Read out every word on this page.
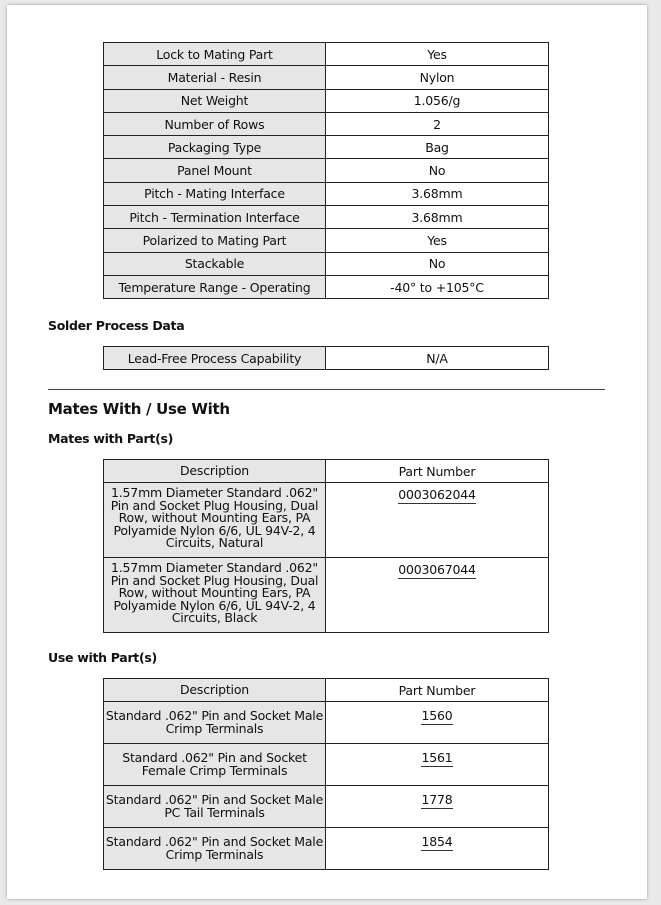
Lock to Mating Part	Yes
Material - Resin	Nylon
Net Weight	1.056/g
Number of Rows	2
Packaging Type	Bag
Panel Mount	No
Pitch - Mating Interface	3.68mm
Pitch - Termination Interface	3.68mm
Polarized to Mating Part	Yes
Stackable	No
Temperature Range - Operating	-40° to +105°C
Solder Process Data
Lead-Free Process Capability	N/A
Mates With / Use With
Mates with Part(s)
Description	Part Number
1.57mm Diameter Standard .062" Pin and Socket Plug Housing, Dual Row, without Mounting Ears, PA Polyamide Nylon 6/6, UL 94V-2, 4 Circuits, Natural	0003062044
1.57mm Diameter Standard .062" Pin and Socket Plug Housing, Dual Row, without Mounting Ears, PA Polyamide Nylon 6/6, UL 94V-2, 4 Circuits, Black	0003067044
Use with Part(s)
Description	Part Number
Standard .062" Pin and Socket Male Crimp Terminals	1560
Standard .062" Pin and Socket Female Crimp Terminals	1561
Standard .062" Pin and Socket Male PC Tail Terminals	1778
Standard .062" Pin and Socket Male Crimp Terminals	1854
